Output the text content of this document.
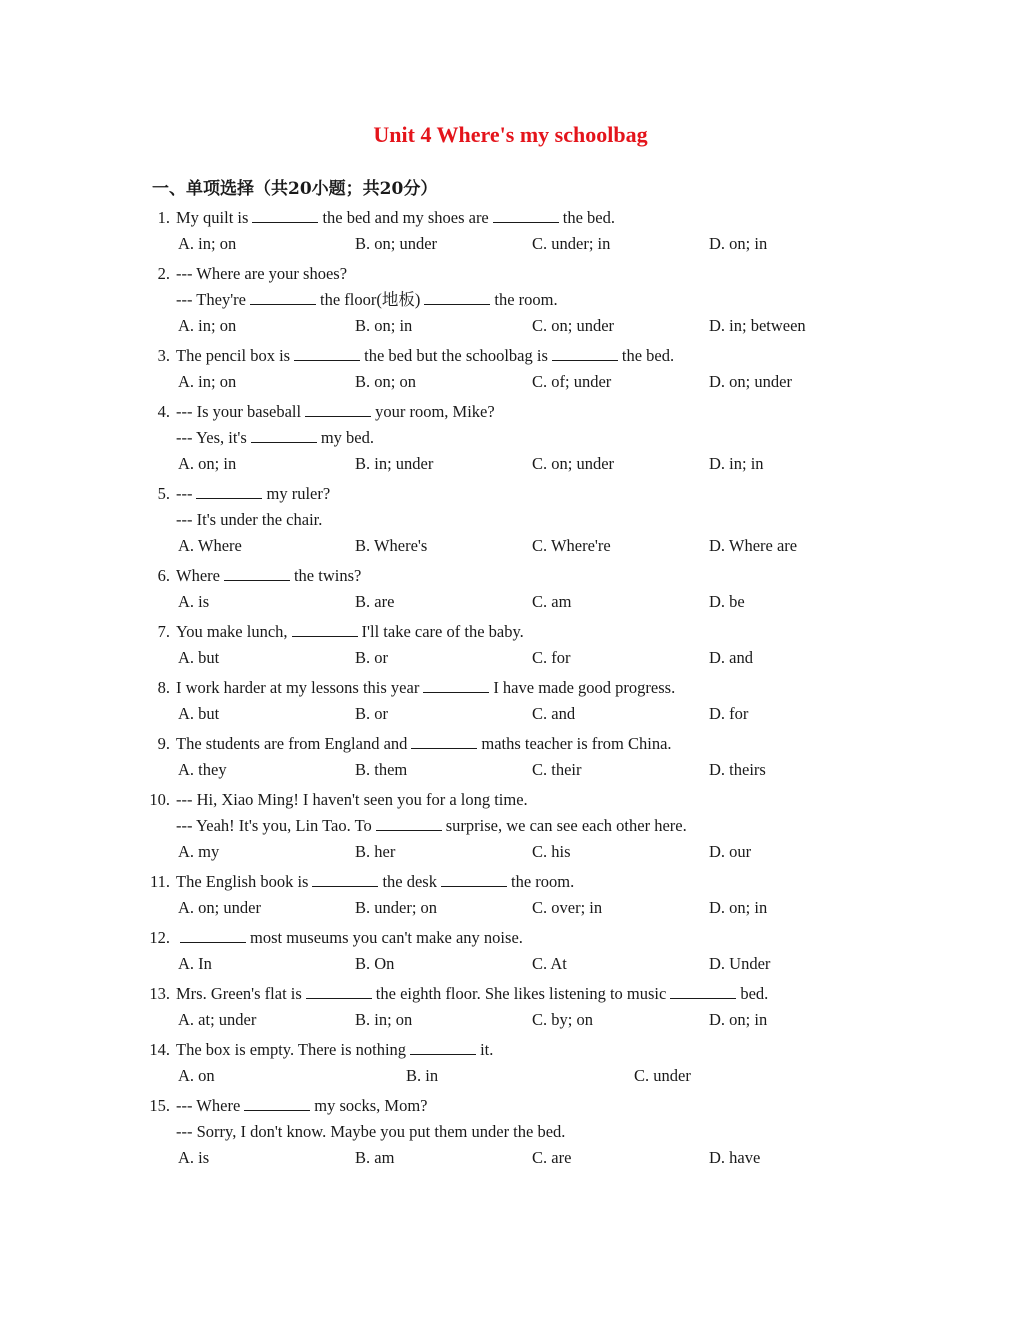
Unit 4 Where's my schoolbag
一、单项选择（共20小题；共20分）
1. My quilt is	the bed and my shoes are	the bed.
A. in; on	B. on; under	C. under; in	D. on; in
2. --- Where are your shoes?
--- They're	the floor(地板)	the room.
A. in; on	B. on; in	C. on; under	D. in; between
3. The pencil box is	the bed but the schoolbag is	the bed.
A. in; on	B. on; on	C. of; under	D. on; under
4. --- Is your baseball	your room, Mike?
--- Yes, it's	my bed.
A. on; in	B. in; under	C. on; under	D. in; in
5. ---	my ruler?
--- It's under the chair.
A. Where	B. Where's	C. Where're	D. Where are
6. Where	the twins?
A. is	B. are	C. am	D. be
7. You make lunch,	I'll take care of the baby.
A. but	B. or	C. for	D. and
8. I work harder at my lessons this year	I have made good progress.
A. but	B. or	C. and	D. for
9. The students are from England and	maths teacher is from China.
A. they	B. them	C. their	D. theirs
10. --- Hi, Xiao Ming! I haven't seen you for a long time.
--- Yeah! It's you, Lin Tao. To	surprise, we can see each other here.
A. my	B. her	C. his	D. our
11. The English book is	the desk	the room.
A. on; under	B. under; on	C. over; in	D. on; in
12.	most museums you can't make any noise.
A. In	B. On	C. At	D. Under
13. Mrs. Green's flat is	the eighth floor. She likes listening to music	bed.
A. at; under	B. in; on	C. by; on	D. on; in
14. The box is empty. There is nothing	it.
A. on	B. in	C. under
15. --- Where	my socks, Mom?
--- Sorry, I don't know. Maybe you put them under the bed.
A. is	B. am	C. are	D. have
